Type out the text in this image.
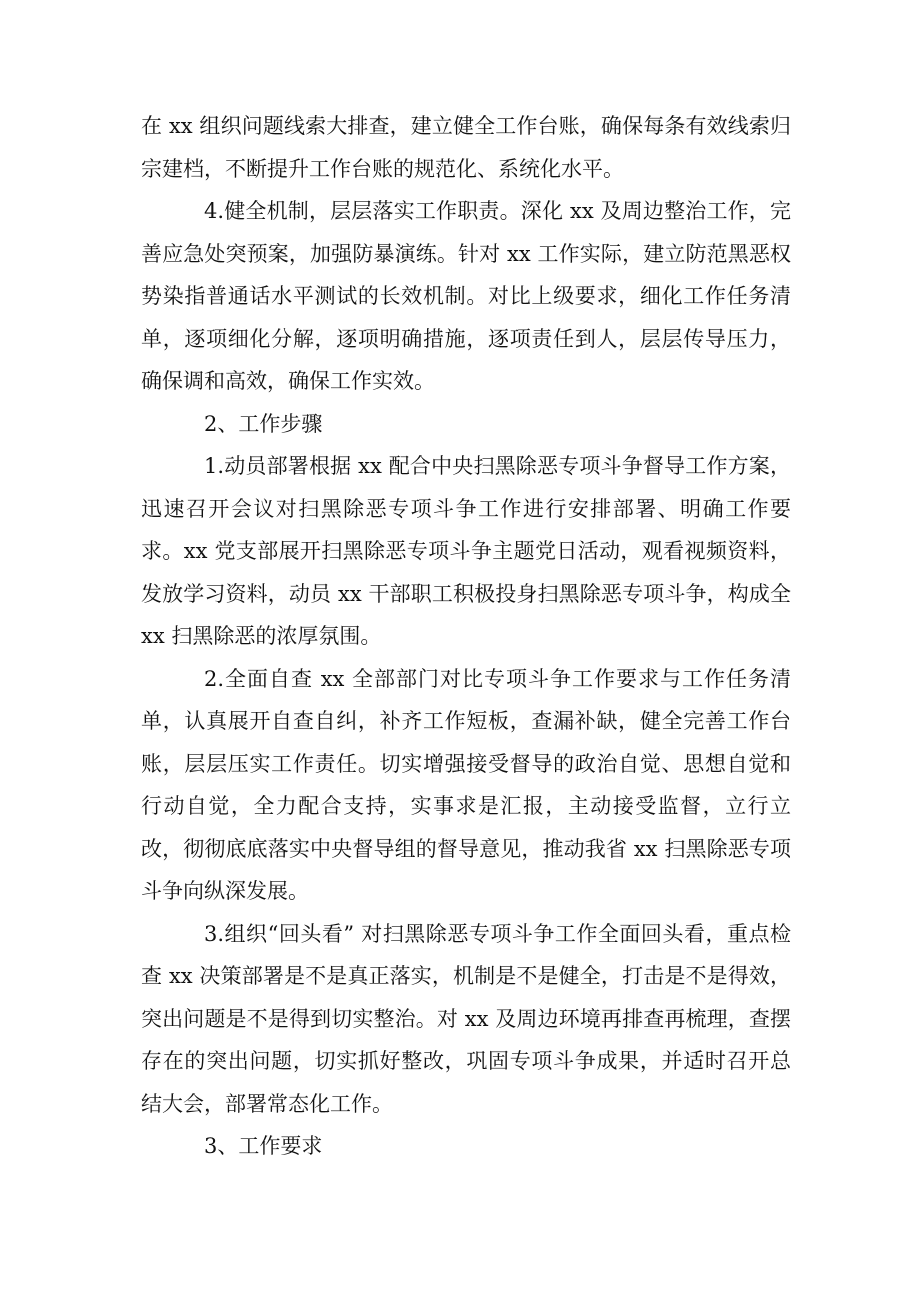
在 xx 组织问题线索大排查，建立健全工作台账，确保每条有效线索归宗建档，不断提升工作台账的规范化、系统化水平。

4.健全机制，层层落实工作职责。深化 xx 及周边整治工作，完善应急处突预案，加强防暴演练。针对 xx 工作实际，建立防范黑恶权势染指普通话水平测试的长效机制。对比上级要求，细化工作任务清单，逐项细化分解，逐项明确措施，逐项责任到人，层层传导压力，确保调和高效，确保工作实效。

2、工作步骤

1.动员部署根据 xx 配合中央扫黑除恶专项斗争督导工作方案，迅速召开会议对扫黑除恶专项斗争工作进行安排部署、明确工作要求。xx 党支部展开扫黑除恶专项斗争主题党日活动，观看视频资料，发放学习资料，动员 xx 干部职工积极投身扫黑除恶专项斗争，构成全 xx 扫黑除恶的浓厚氛围。

2.全面自查 xx 全部部门对比专项斗争工作要求与工作任务清单，认真展开自查自纠，补齐工作短板，查漏补缺，健全完善工作台账，层层压实工作责任。切实增强接受督导的政治自觉、思想自觉和行动自觉，全力配合支持，实事求是汇报，主动接受监督，立行立改，彻彻底底落实中央督导组的督导意见，推动我省 xx 扫黑除恶专项斗争向纵深发展。

3.组织“回头看” 对扫黑除恶专项斗争工作全面回头看，重点检查 xx 决策部署是不是真正落实，机制是不是健全，打击是不是得效，突出问题是不是得到切实整治。对 xx 及周边环境再排查再梳理，查摆存在的突出问题，切实抓好整改，巩固专项斗争成果，并适时召开总结大会，部署常态化工作。

3、工作要求
